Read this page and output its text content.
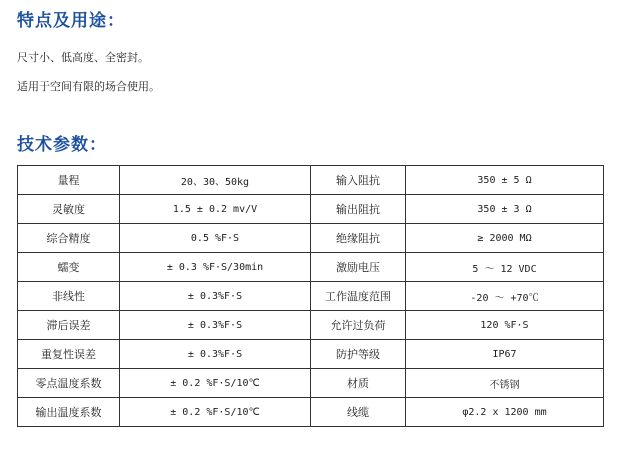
特点及用途：

尺寸小、低高度、全密封。

适用于空间有限的场合使用。

技术参数：
量程	20、30、50kg	输入阻抗	350 ± 5 Ω
灵敏度	1.5 ± 0.2 mv/V	输出阻抗	350 ± 3 Ω
综合精度	0.5 %F·S	绝缘阻抗	≥ 2000 MΩ
蠕变	± 0.3 %F·S/30min	激励电压	5 ～ 12 VDC
非线性	± 0.3%F·S	工作温度范围	-20 ～ +70℃
滞后误差	± 0.3%F·S	允许过负荷	120 %F·S
重复性误差	± 0.3%F·S	防护等级	IP67
零点温度系数	± 0.2 %F·S/10℃	材质	不锈钢
输出温度系数	± 0.2 %F·S/10℃	线缆	φ2.2 x 1200 mm
